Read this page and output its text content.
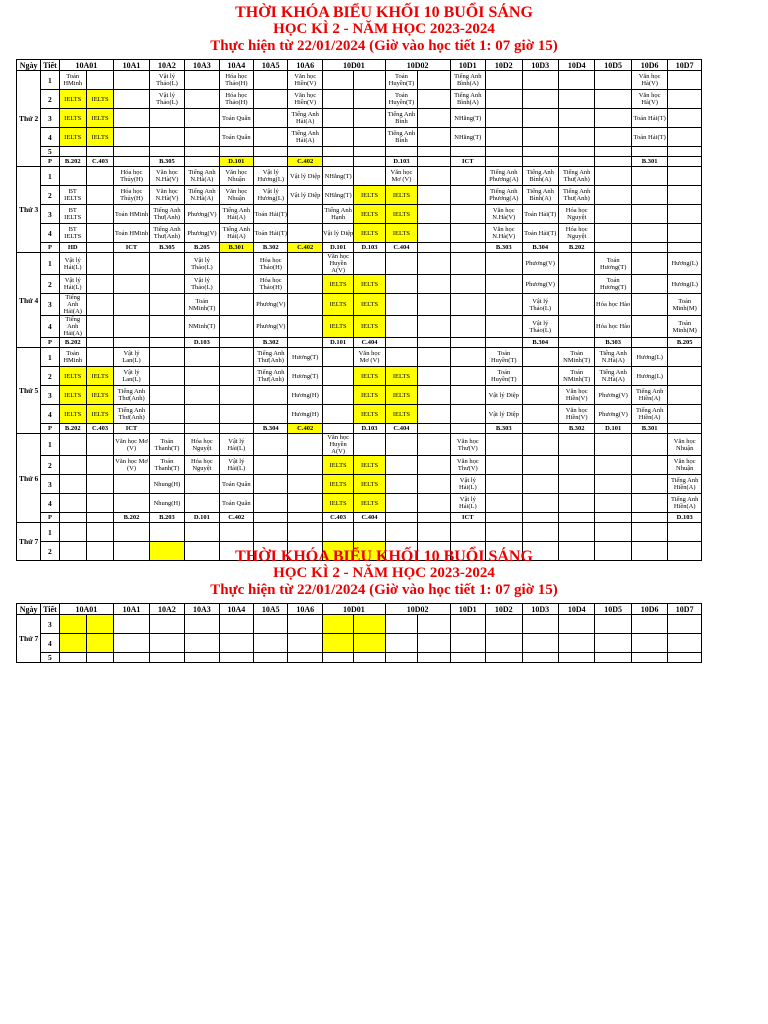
THỜI KHÓA BIỂU KHỐI 10 BUỔI SÁNG
HỌC KÌ 2 - NĂM HỌC 2023-2024
Thực hiện từ 22/01/2024 (Giờ vào học tiết 1: 07 giờ 15)
Ngày	Tiết	10A01		10A1	10A2	10A3	10A4	10A5	10A6	10D01		10D02		10D1	10D2	10D3	10D4	10D5	10D6	10D7
Thứ 2	1	Toán HMinh			Vật lý Thảo(L)		Hóa học Thảo(H)		Văn học Hiền(V)			Toán Huyền(T)		Tiếng Anh Bình(A)					Văn học Hà(V)	
	2	IELTS	IELTS		Vật lý Thảo(L)		Hóa học Thảo(H)		Văn học Hiền(V)			Toán Huyền(T)		Tiếng Anh Bình(A)					Văn học Hà(V)	
	3	IELTS	IELTS				Toán Quân		Tiếng Anh Hải(A)			Tiếng Anh Bình		NHằng(T)					Toán Hải(T)	
	4	IELTS	IELTS				Toán Quân		Tiếng Anh Hải(A)			Tiếng Anh Bình		NHằng(T)					Toán Hải(T)	
	5																			
	P	B.202	C.403		B.305		D.101		C.402			D.103		ICT					B.301	
Thứ 3	1			Hóa học Thủy(H)	Văn học N.Hà(V)	Tiếng Anh N.Hà(A)	Văn học Nhuận	Vật lý Hương(L)	Vật lý Diệp	NHằng(T)		Văn học Mơ (V)			Tiếng Anh Phương(A)	Tiếng Anh Bình(A)	Tiếng Anh Thư(Anh)			
	2	BT IELTS		Hóa học Thủy(H)	Văn học N.Hà(V)	Tiếng Anh N.Hà(A)	Văn học Nhuận	Vật lý Hương(L)	Vật lý Diệp	NHằng(T)	IELTS	IELTS			Tiếng Anh Phương(A)	Tiếng Anh Bình(A)	Tiếng Anh Thư(Anh)			
	3	BT IELTS		Toán HMinh	Tiếng Anh Thư(Anh)	Phương(V)	Tiếng Anh Hải(A)	Toán Hải(T)		Tiếng Anh Hạnh	IELTS	IELTS			Văn học N.Hà(V)	Toán Hải(T)	Hóa học Nguyệt			
	4	BT IELTS		Toán HMinh	Tiếng Anh Thư(Anh)	Phương(V)	Tiếng Anh Hải(A)	Toán Hải(T)		Vật lý Diệp	IELTS	IELTS			Văn học N.Hà(V)	Toán Hải(T)	Hóa học Nguyệt			
	P	HD		ICT	B.305	B.205	B.301	B.302	C.402	D.101	D.103	C.404			B.303	B.304	B.202			
Thứ 4	1	Vật lý Hải(L)				Vật lý Thảo(L)		Hóa học Thảo(H)		Văn học Huyền A(V)						Phương(V)		Toán Hương(T)		Hương(L)
	2	Vật lý Hải(L)				Vật lý Thảo(L)		Hóa học Thảo(H)		IELTS	IELTS					Phương(V)		Toán Hương(T)		Hương(L)
	3	Tiếng Anh Hải(A)				Toán NMinh(T)		Phương(V)		IELTS	IELTS					Vật lý Thảo(L)		Hóa học Hào		Toán Minh(M)
	4	Tiếng Anh Hải(A)				NMinh(T)		Phương(V)		IELTS	IELTS					Vật lý Thảo(L)		Hóa học Hào		Toán Minh(M)
	P	B.202				D.103		B.302		D.101	C.404					B.304		B.303		B.205
Thứ 5	1	Toán HMinh		Vật lý Lan(L)				Tiếng Anh Thư(Anh)	Hương(T)		Văn học Mơ (V)				Toán Huyền(T)		Toán NMinh(T)	Tiếng Anh N.Hà(A)	Hương(L)	
	2	IELTS	IELTS	Vật lý Lan(L)				Tiếng Anh Thư(Anh)	Hương(T)		IELTS	IELTS			Toán Huyền(T)		Toán NMinh(T)	Tiếng Anh N.Hà(A)	Hương(L)	
	3	IELTS	IELTS	Tiếng Anh Thư(Anh)					Hương(H)		IELTS	IELTS			Vật lý Diệp		Văn học Hiền(V)	Phương(V)	Tiếng Anh Hiền(A)	
	4	IELTS	IELTS	Tiếng Anh Thư(Anh)					Hương(H)		IELTS	IELTS			Vật lý Diệp		Văn học Hiền(V)	Phương(V)	Tiếng Anh Hiền(A)	
	P	B.202	C.403	ICT				B.304	C.402		D.103	C.404			B.303		B.302	D.101	B.301	
Thứ 6	1			Văn học Mơ (V)	Toán Thanh(T)	Hóa học Nguyệt	Vật lý Hải(L)			Văn học Huyền A(V)				Văn học Thư(V)						Văn học Nhuận
	2			Văn học Mơ (V)	Toán Thanh(T)	Hóa học Nguyệt	Vật lý Hải(L)			IELTS	IELTS			Văn học Thư(V)						Văn học Nhuận
	3				Nhung(H)		Toán Quân			IELTS	IELTS			Vật lý Hải(L)						Tiếng Anh Hiền(A)
	4				Nhung(H)		Toán Quân			IELTS	IELTS			Vật lý Hải(L)						Tiếng Anh Hiền(A)
	P			B.202	B.203	D.101	C.402			C.403	C.404			ICT						D.103
Thứ 7	1																			
	2																				THỜI KHÓA BIỂU KHỐI 10 BUỔI SÁNG
HỌC KÌ 2 - NĂM HỌC 2023-2024
Thực hiện từ 22/01/2024 (Giờ vào học tiết 1: 07 giờ 15)
Ngày	Tiết	10A01		10A1	10A2	10A3	10A4	10A5	10A6	10D01		10D02		10D1	10D2	10D3	10D4	10D5	10D6	10D7
Thứ 7	3																			
	4																			
	5																			
